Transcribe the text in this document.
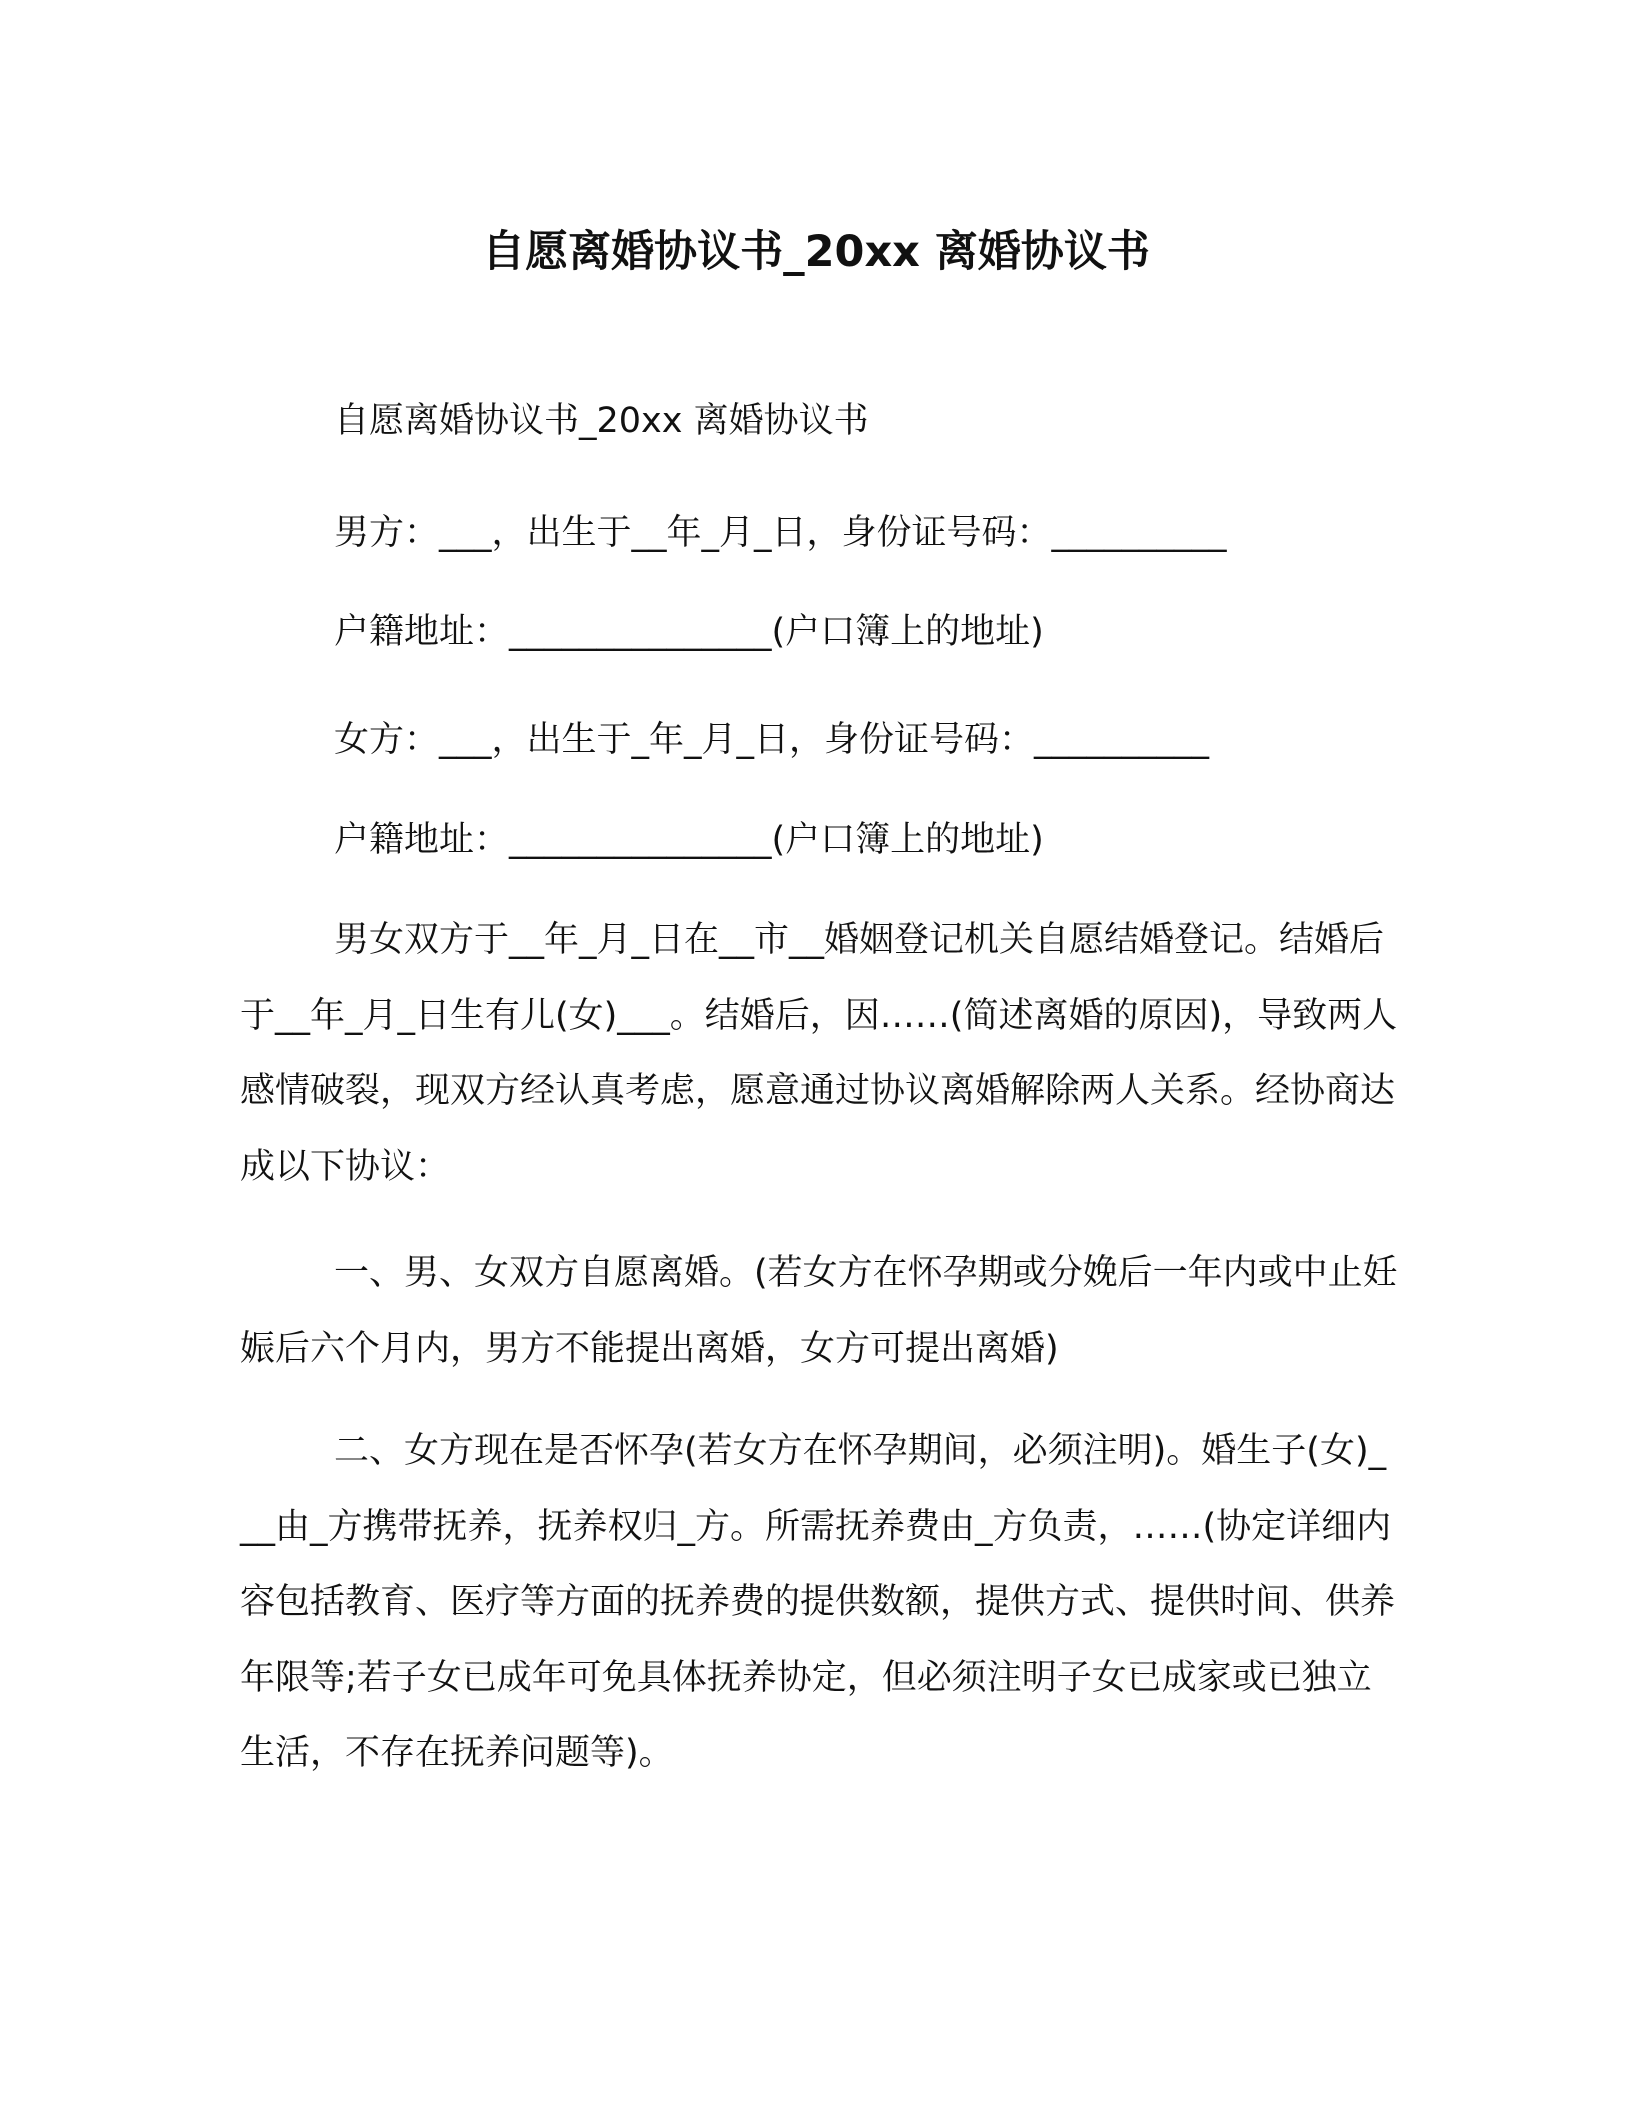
自愿离婚协议书_20xx 离婚协议书
自愿离婚协议书_20xx 离婚协议书
男方：___，出生于__年_月_日，身份证号码：__________
户籍地址：_______________(户口簿上的地址)
女方：___，出生于_年_月_日，身份证号码：__________
户籍地址：_______________(户口簿上的地址)

男女双方于__年_月_日在__市__婚姻登记机关自愿结婚登记。结婚后于__年_月_日生有儿(女)___。结婚后，因……(简述离婚的原因)，导致两人感情破裂，现双方经认真考虑，愿意通过协议离婚解除两人关系。经协商达成以下协议：

一、男、女双方自愿离婚。(若女方在怀孕期或分娩后一年内或中止妊娠后六个月内，男方不能提出离婚，女方可提出离婚)

二、女方现在是否怀孕(若女方在怀孕期间，必须注明)。婚生子(女)___由_方携带抚养，抚养权归_方。所需抚养费由_方负责，……(协定详细内容包括教育、医疗等方面的抚养费的提供数额，提供方式、提供时间、供养年限等;若子女已成年可免具体抚养协定，但必须注明子女已成家或已独立生活，不存在抚养问题等)。
